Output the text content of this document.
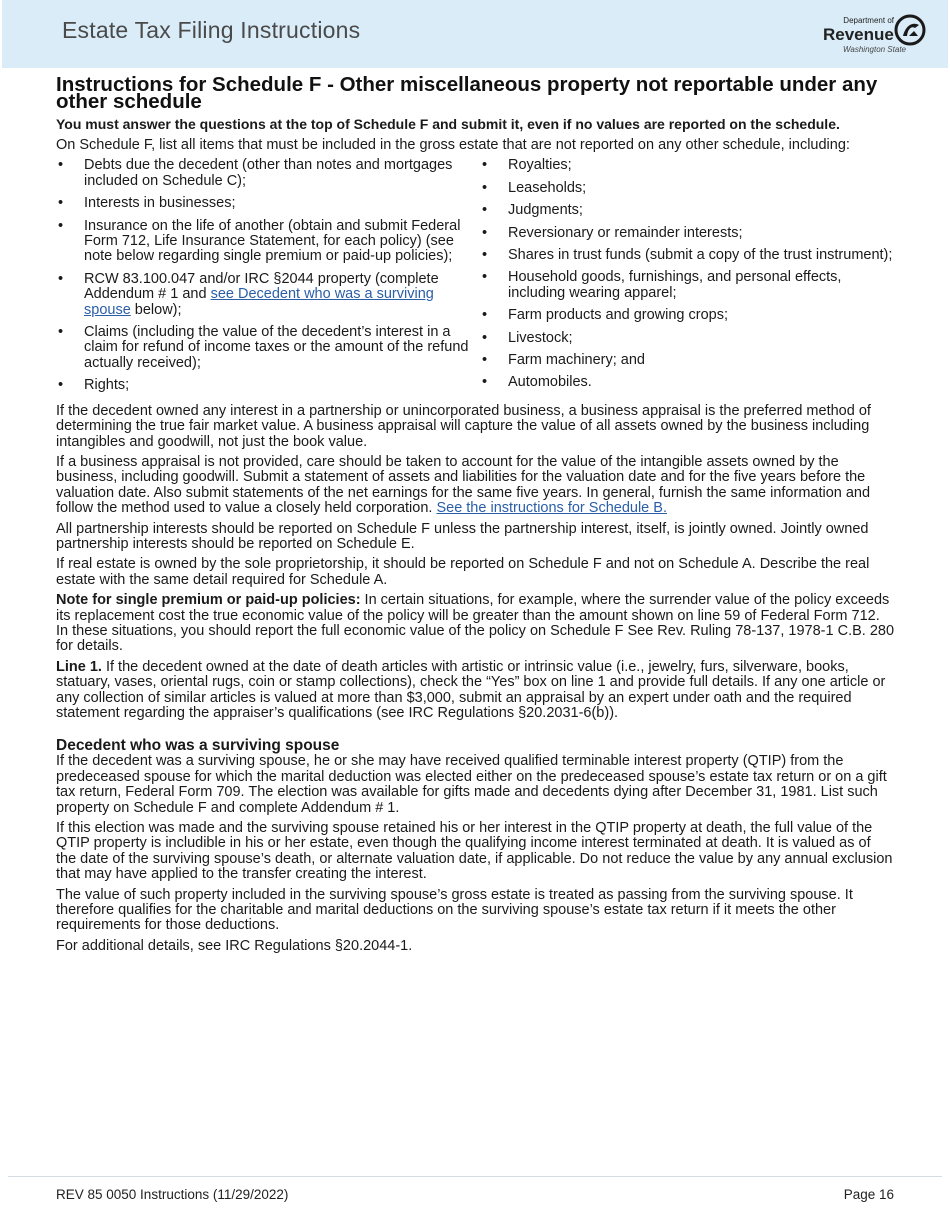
Estate Tax Filing Instructions	Department of
Revenue
Washington State
Instructions for Schedule F - Other miscellaneous property not reportable under any other schedule
You must answer the questions at the top of Schedule F and submit it, even if no values are reported on the schedule.

On Schedule F, list all items that must be included in the gross estate that are not reported on any other schedule, including:

• Debts due the decedent (other than notes and mortgages included on Schedule C);
• Interests in businesses;
• Insurance on the life of another (obtain and submit Federal Form 712, Life Insurance Statement, for each policy) (see note below regarding single premium or paid-up policies);
• RCW 83.100.047 and/or IRC §2044 property (complete Addendum # 1 and see Decedent who was a surviving spouse below);
• Claims (including the value of the decedent’s interest in a claim for refund of income taxes or the amount of the refund actually received);
• Rights;
• Royalties;
• Leaseholds;
• Judgments;
• Reversionary or remainder interests;
• Shares in trust funds (submit a copy of the trust instrument);
• Household goods, furnishings, and personal effects, including wearing apparel;
• Farm products and growing crops;
• Livestock;
• Farm machinery; and
• Automobiles.

If the decedent owned any interest in a partnership or unincorporated business, a business appraisal is the preferred method of determining the true fair market value. A business appraisal will capture the value of all assets owned by the business including intangibles and goodwill, not just the book value.

If a business appraisal is not provided, care should be taken to account for the value of the intangible assets owned by the business, including goodwill. Submit a statement of assets and liabilities for the valuation date and for the five years before the valuation date. Also submit statements of the net earnings for the same five years. In general, furnish the same information and follow the method used to value a closely held corporation. See the instructions for Schedule B.

All partnership interests should be reported on Schedule F unless the partnership interest, itself, is jointly owned. Jointly owned partnership interests should be reported on Schedule E.

If real estate is owned by the sole proprietorship, it should be reported on Schedule F and not on Schedule A. Describe the real estate with the same detail required for Schedule A.

Note for single premium or paid-up policies: In certain situations, for example, where the surrender value of the policy exceeds its replacement cost the true economic value of the policy will be greater than the amount shown on line 59 of Federal Form 712. In these situations, you should report the full economic value of the policy on Schedule F See Rev. Ruling 78-137, 1978-1 C.B. 280 for details.

Line 1. If the decedent owned at the date of death articles with artistic or intrinsic value (i.e., jewelry, furs, silverware, books, statuary, vases, oriental rugs, coin or stamp collections), check the “Yes” box on line 1 and provide full details. If any one article or any collection of similar articles is valued at more than $3,000, submit an appraisal by an expert under oath and the required statement regarding the appraiser’s qualifications (see IRC Regulations §20.2031-6(b)).

Decedent who was a surviving spouse

If the decedent was a surviving spouse, he or she may have received qualified terminable interest property (QTIP) from the predeceased spouse for which the marital deduction was elected either on the predeceased spouse’s estate tax return or on a gift tax return, Federal Form 709. The election was available for gifts made and decedents dying after December 31, 1981. List such property on Schedule F and complete Addendum # 1.

If this election was made and the surviving spouse retained his or her interest in the QTIP property at death, the full value of the QTIP property is includible in his or her estate, even though the qualifying income interest terminated at death. It is valued as of the date of the surviving spouse’s death, or alternate valuation date, if applicable. Do not reduce the value by any annual exclusion that may have applied to the transfer creating the interest.

The value of such property included in the surviving spouse’s gross estate is treated as passing from the surviving spouse. It therefore qualifies for the charitable and marital deductions on the surviving spouse’s estate tax return if it meets the other requirements for those deductions.

For additional details, see IRC Regulations §20.2044-1.

REV 85 0050 Instructions (11/29/2022)	Page 16
